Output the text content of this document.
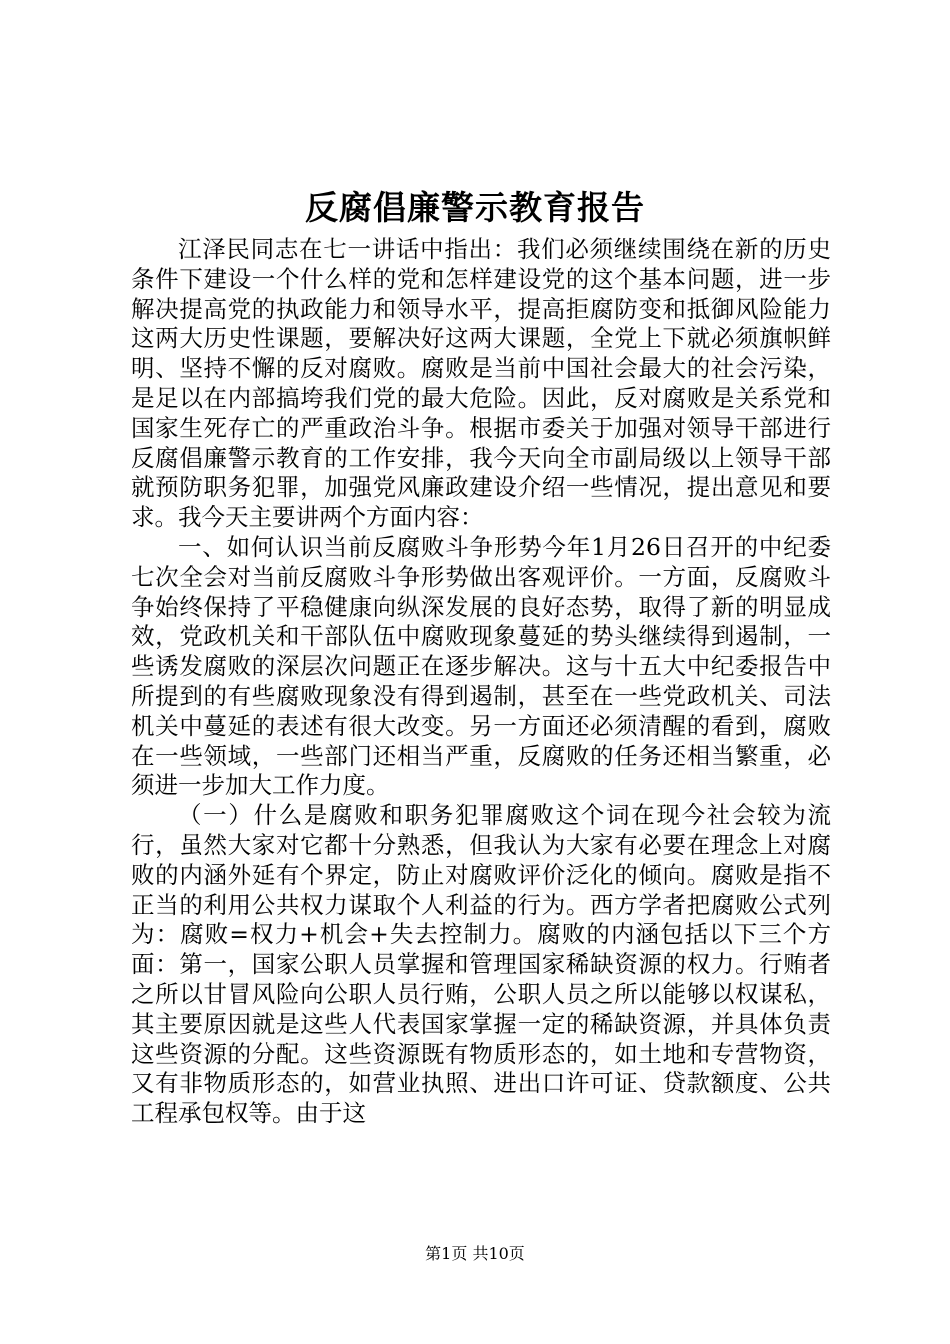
反腐倡廉警示教育报告

江泽民同志在七一讲话中指出：我们必须继续围绕在新的历史条件下建设一个什么样的党和怎样建设党的这个基本问题，进一步解决提高党的执政能力和领导水平，提高拒腐防变和抵御风险能力这两大历史性课题，要解决好这两大课题，全党上下就必须旗帜鲜明、坚持不懈的反对腐败。腐败是当前中国社会最大的社会污染，是足以在内部搞垮我们党的最大危险。因此，反对腐败是关系党和国家生死存亡的严重政治斗争。根据市委关于加强对领导干部进行反腐倡廉警示教育的工作安排，我今天向全市副局级以上领导干部就预防职务犯罪，加强党风廉政建设介绍一些情况，提出意见和要求。我今天主要讲两个方面内容：

一、如何认识当前反腐败斗争形势今年1月26日召开的中纪委七次全会对当前反腐败斗争形势做出客观评价。一方面，反腐败斗争始终保持了平稳健康向纵深发展的良好态势，取得了新的明显成效，党政机关和干部队伍中腐败现象蔓延的势头继续得到遏制，一些诱发腐败的深层次问题正在逐步解决。这与十五大中纪委报告中所提到的有些腐败现象没有得到遏制，甚至在一些党政机关、司法机关中蔓延的表述有很大改变。另一方面还必须清醒的看到，腐败在一些领域，一些部门还相当严重，反腐败的任务还相当繁重，必须进一步加大工作力度。

（一）什么是腐败和职务犯罪腐败这个词在现今社会较为流行，虽然大家对它都十分熟悉，但我认为大家有必要在理念上对腐败的内涵外延有个界定，防止对腐败评价泛化的倾向。腐败是指不正当的利用公共权力谋取个人利益的行为。西方学者把腐败公式列为：腐败=权力+机会+失去控制力。腐败的内涵包括以下三个方面：第一，国家公职人员掌握和管理国家稀缺资源的权力。行贿者之所以甘冒风险向公职人员行贿，公职人员之所以能够以权谋私，其主要原因就是这些人代表国家掌握一定的稀缺资源，并具体负责这些资源的分配。这些资源既有物质形态的，如土地和专营物资，又有非物质形态的，如营业执照、进出口许可证、贷款额度、公共工程承包权等。由于这

第1页 共10页
